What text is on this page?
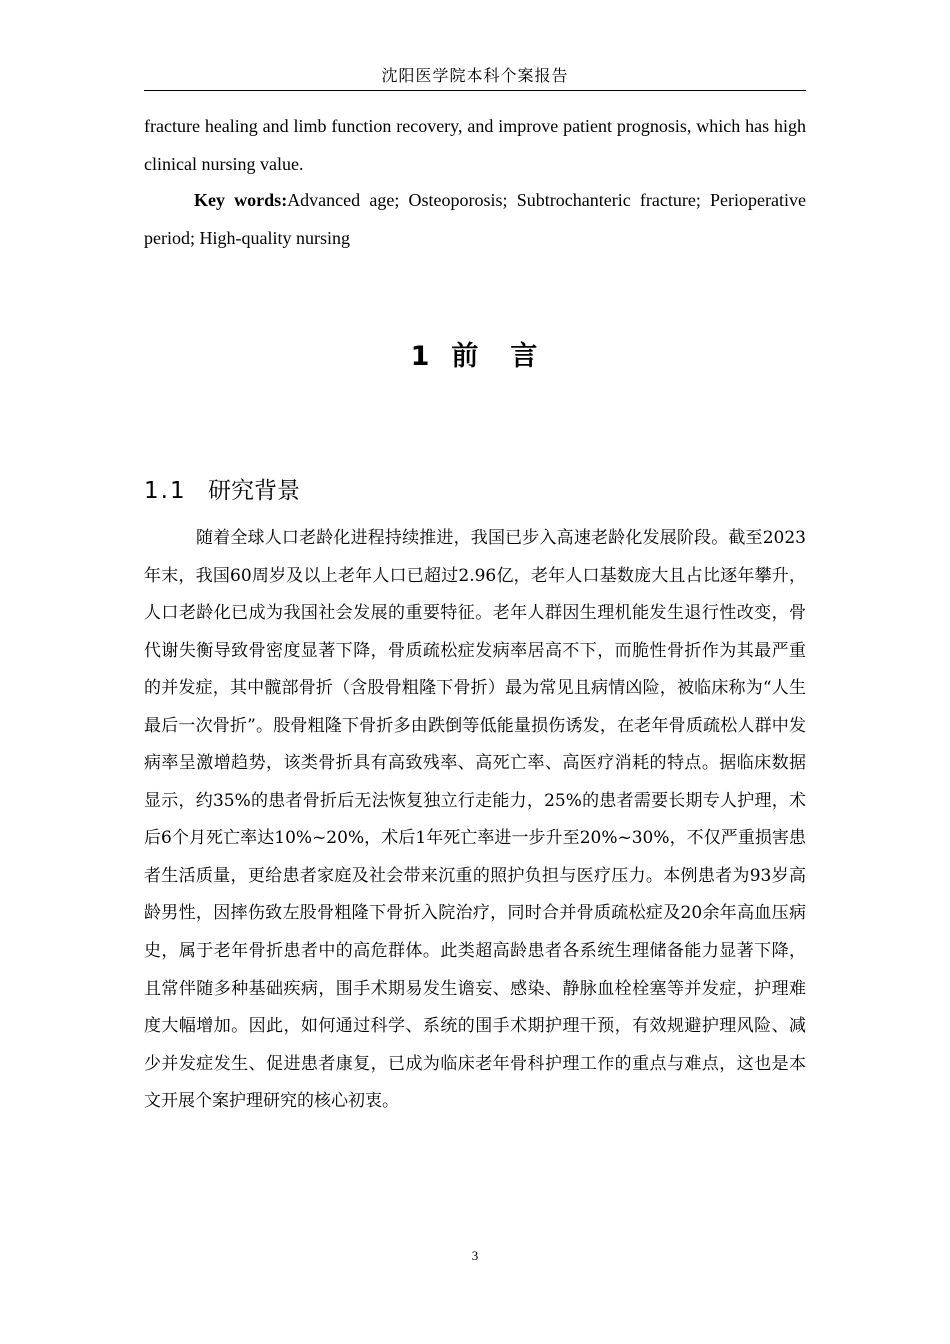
沈阳医学院本科个案报告
fracture healing and limb function recovery, and improve patient prognosis, which has high clinical nursing value.
Key words:Advanced age; Osteoporosis; Subtrochanteric fracture; Perioperative period; High-quality nursing
1 前 言
1.1 研究背景
随着全球人口老龄化进程持续推进，我国已步入高速老龄化发展阶段。截至2023年末，我国60周岁及以上老年人口已超过2.96亿，老年人口基数庞大且占比逐年攀升，人口老龄化已成为我国社会发展的重要特征。老年人群因生理机能发生退行性改变，骨代谢失衡导致骨密度显著下降，骨质疏松症发病率居高不下，而脆性骨折作为其最严重的并发症，其中髋部骨折（含股骨粗隆下骨折）最为常见且病情凶险，被临床称为“人生最后一次骨折”。股骨粗隆下骨折多由跌倒等低能量损伤诱发，在老年骨质疏松人群中发病率呈激增趋势，该类骨折具有高致残率、高死亡率、高医疗消耗的特点。据临床数据显示，约35%的患者骨折后无法恢复独立行走能力，25%的患者需要长期专人护理，术后6个月死亡率达10%~20%，术后1年死亡率进一步升至20%~30%，不仅严重损害患者生活质量，更给患者家庭及社会带来沉重的照护负担与医疗压力。本例患者为93岁高龄男性，因摔伤致左股骨粗隆下骨折入院治疗，同时合并骨质疏松症及20余年高血压病史，属于老年骨折患者中的高危群体。此类超高龄患者各系统生理储备能力显著下降，且常伴随多种基础疾病，围手术期易发生谵妄、感染、静脉血栓栓塞等并发症，护理难度大幅增加。因此，如何通过科学、系统的围手术期护理干预，有效规避护理风险、减少并发症发生、促进患者康复，已成为临床老年骨科护理工作的重点与难点，这也是本文开展个案护理研究的核心初衷。
3
